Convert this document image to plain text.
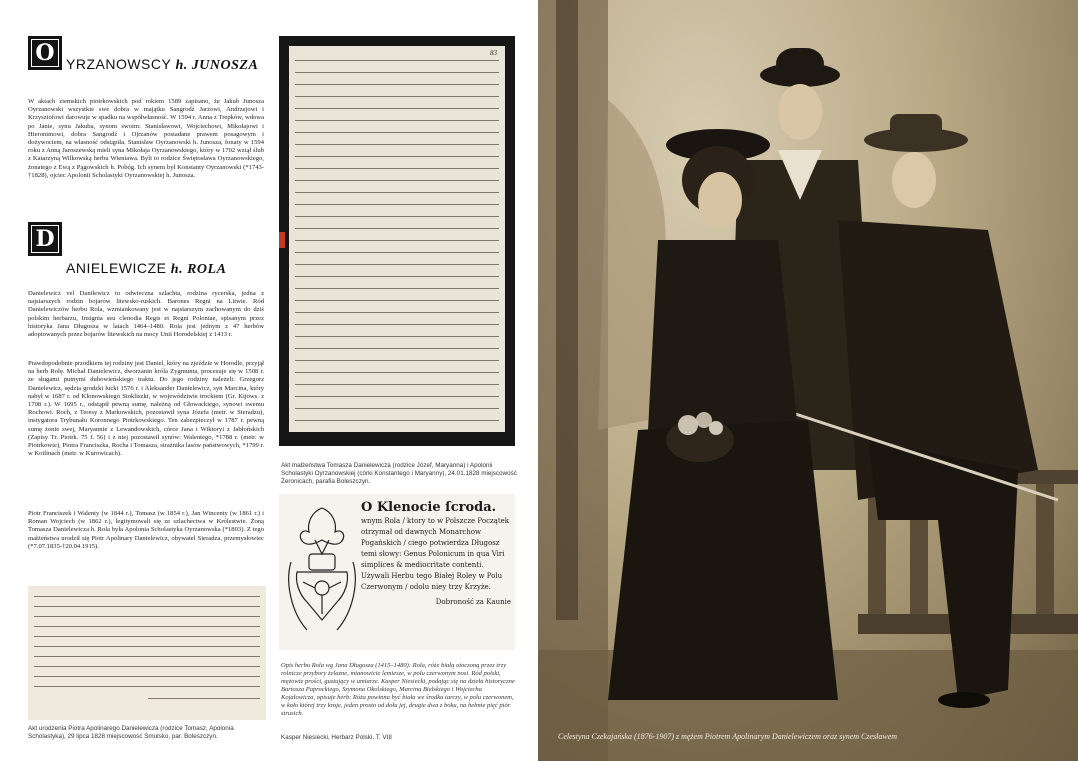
O YRZANOWSCY h. JUNOSZA

W aktach ziemskich piotrkowskich pod rokiem 1589 zapisano, że Jakub Junosza Oyrzanowski wszystkie swe dobra w majątku Sangrodź Jarzowi, Andrzejowi i Krzysztofowi darowuje w spadku na współwłasność. W 1594 r. Anna z Trepków, wdowa po Janie, synu Jakuba, synom swoim: Stanisławowi, Wojciechowi, Mikołajowi i Hieronimowi, dobra Sangrodź i Ojrzanów posiadane prawem posagowym i dożywociem, na własność odstąpiła. Stanisław Oyrzanowski h. Junosza, fonaty w 1594 roku z Anną Jaroszewską mieli syna Mikołaja Oyrzanowskiego, który w 1702 wziął ślub z Katarzyną Wilkowską herbu Wieniawa. Byli to rodzice Świętosława Oyrzanowskiego, żonatego z Ewą z Pągowskich h. Pobóg. Ich synem był Konstanty Oyrzanowski (*1743-†1828), ojciec Apolonii Scholastyki Oyrzanowskiej h. Junosza.

D
ANIELEWICZE h. ROLA

Danielewicz vel Danilewicz to odwieczna szlachta, rodzina rycerska, jedna z najstarszych rodzin bojarów litewsko-ruskich. Barones Regni na Litwie. Ród Danielewiczów herbu Rola, wzmiankowany jest w najstarszym zachowanym do dziś polskim herbarzu, Insignia seu clenodia Regis et Regni Poloniae, spisanym przez historyka Jana Długosza w latach 1464–1480. Rola jest jednym z 47 herbów adoptowanych przez bojarów litewskich na mocy Unii Horodelskiej z 1413 r.

Prawdopodobnie przodkiem tej rodziny jest Daniel, który na zjeździe w Horodle, przyjął na herb Rolę. Michał Danielewicz, dworzanin króla Zygmunta, procesuje się w 1508 r. ze sługami putnymi dubowieńskiego traktu. Do jego rodziny należeli: Grzegorz Danielewicz, sędzia grodzki łucki 1576 r. i Aleksander Danielewicz, syn Marcina, który nabył w 1687 r. od Klonowskiego Stokliszki, w województwie trockiem (Gr. Kijows. z 1708 r.). W 1695 r., odstąpił pewną sumę, należną od Głowackiego, synowi swemu Rochowi. Roch, z Teresy z Markowskich, pozostawił syna Józefa (metr. w Sieradzu), instygatora Trybunału Koronnego Piotrkowskiego. Ten zabezpieczył w 1787 r. pewną sumę żonie swej, Maryannie z Lewandowskich, córce Jana i Wiktoryi z Jabłońskich (Zapisy Tr. Piotrk. 75 f. 56) i z niej pozostawił synów: Walentego, *1788 r. (metr. w Piotrkowie), Piotra Franciszka, Rocha i Tomasza, strażnika lasów państwowych, *1799 r. w Kotlinach (metr. w Kurowicach).

Piotr Franciszek i Walenty (w 1844 r.), Tomasz (w 1854 r.), Jan Wincenty (w 1861 r.) i Roman Wojciech (w 1862 r.), legitymowali się ze szlachectwa w Królestwie. Żoną Tomasza Danielewicza h. Rola była Apolonia Scholastyka Oyrzanowska (*1803). Z tego małżeństwa urodził się Piotr Apolinary Danielewicz, obywatel Sieradza, przemysłowiec (*7.07.1835-†20.04.1915).

83

Akt małżeństwa Tomasza Danielewicza (rodzice Józef, Maryanna) i Apolonii Scholastyki Oyrzanowskiej (córki Konstantego i Maryanny), 24.01.1828 miejscowość Żeronicach, parafia Boleszczyn.

O Klenocie ſcroda.
wnym Rola / ktory to w Polszcze Początek otrzymał od dawnych Monarchow Pogańskich / ciego potwierdza Długosz temi słowy: Genus Polonicum in qua Viri simplices & mediocritate contenti. Używali Herbu tego Białej Roley w Polu Czerwonym / odolu niey trzy Krzyże.
Dobroność za Kaunie

Opis herbu Rola wg Jana Długosza (1415–1480): Rola, róże białą otoczoną przez trzy rolnicze przybory żelazne, mianowicie lemiesze, w polu czerwonym nosi. Ród polski, mężowie prości, gustujący w umiarze. Kasper Niesiecki, podając się na dzieła historyczne Bartosza Paprockiego, Szymona Okolskiego, Marcina Bielskiego i Wojciecha Kojałowicza, opisuje herb: Róża powinna być biała we środku tarczy, w polu czerwonem, w koło której trzy kroje, jeden prosto od dołu jej, drugie dwa z boku, na hełmie pięć piór strusich.

Kasper Niesiecki, Herbarz Polski, T. VIII

Akt urodzenia Piotra Apolinarego Danielewicza (rodzice Tomasz, Apolonia Scholastyka), 29 lipca 1828 miejscowość Smulsko, par. Boleszczyn.	Celestyna Czekajańska (1876-1907) z mężem Piotrem Apolinarym Danielewiczem oraz synem Czesławem
